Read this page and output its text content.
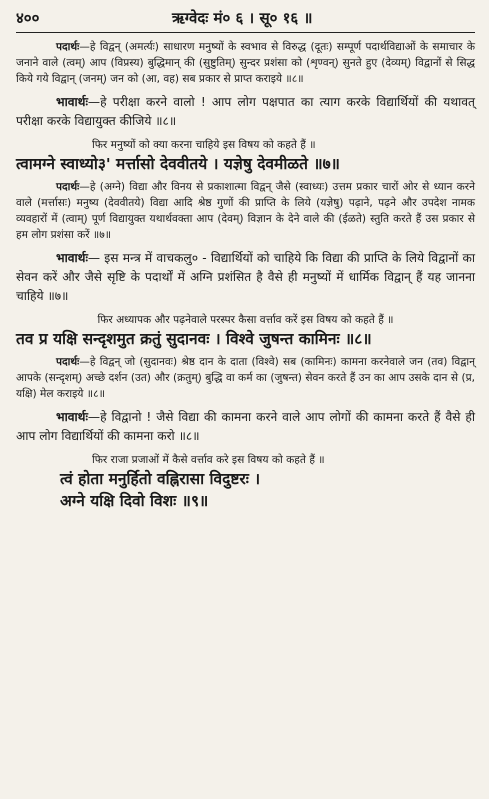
४००	ऋग्वेदः मं० ६ । सू० १६ ॥

पदार्थः—हे विद्वन् (अमर्त्यः) साधारण मनुष्यों के स्वभाव से विरुद्ध (दूतः) सम्पूर्ण पदार्थविद्याओं के समाचार के जनाने वाले (त्वम्) आप (विप्रस्य) बुद्धिमान् की (सुष्टुतिम्) सुन्दर प्रशंसा को (शृण्वन्) सुनते हुए (देव्यम्) विद्वानों से सिद्ध किये गये विद्वान् (जनम्) जन को (आ, वह) सब प्रकार से प्राप्त कराइये ॥८॥

भावार्थः—हे परीक्षा करने वालो ! आप लोग पक्षपात का त्याग करके विद्यार्थियों की यथावत् परीक्षा करके विद्यायुक्त कीजिये ॥८॥

फिर मनुष्यों को क्या करना चाहिये इस विषय को कहते हैं ॥

त्वामग्ने स्वाध्यो३' मर्त्तासो देववीतये । यज्ञेषु देवमीळते ॥७॥

पदार्थः—हे (अग्ने) विद्या और विनय से प्रकाशात्मा विद्वन् जैसे (स्वाध्यः) उत्तम प्रकार चारों ओर से ध्यान करने वाले (मर्त्तासः) मनुष्य (देववीतये) विद्या आदि श्रेष्ठ गुणों की प्राप्ति के लिये (यज्ञेषु) पढ़ाने, पढ़ने और उपदेश नामक व्यवहारों में (त्वाम्) पूर्ण विद्यायुक्त यथार्थवक्ता आप (देवम्) विज्ञान के देने वाले की (ईळते) स्तुति करते हैं उस प्रकार से हम लोग प्रशंसा करें ॥७॥

भावार्थः— इस मन्त्र में वाचकलु० - विद्यार्थियों को चाहिये कि विद्या की प्राप्ति के लिये विद्वानों का सेवन करें और जैसे सृष्टि के पदार्थों में अग्नि प्रशंसित है वैसे ही मनुष्यों में धार्मिक विद्वान् हैं यह जानना चाहिये ॥७॥

फिर अध्यापक और पढ़नेवाले परस्पर कैसा वर्त्ताव करें इस विषय को कहते हैं ॥

तव प्र यक्षि सन्दृशमुत क्रतुं सुदानवः । विश्वे जुषन्त कामिनः ॥८॥

पदार्थः—हे विद्वन् जो (सुदानवः) श्रेष्ठ दान के दाता (विश्वे) सब (कामिनः) कामना करनेवाले जन (तव) विद्वान् आपके (सन्दृशम्) अच्छे दर्शन (उत) और (क्रतुम्) बुद्धि वा कर्म का (जुषन्त) सेवन करते हैं उन का आप उसके दान से (प्र, यक्षि) मेल कराइये ॥८॥

भावार्थः—हे विद्वानो ! जैसे विद्या की कामना करने वाले आप लोगों की कामना करते हैं वैसे ही आप लोग विद्यार्थियों की कामना करो ॥८॥

फिर राजा प्रजाओं में कैसे वर्त्ताव करे इस विषय को कहते हैं ॥

त्वं होता मनुर्हितो वह्निरासा विदुष्टरः ।

अग्ने यक्षि दिवो विशः ॥९॥
